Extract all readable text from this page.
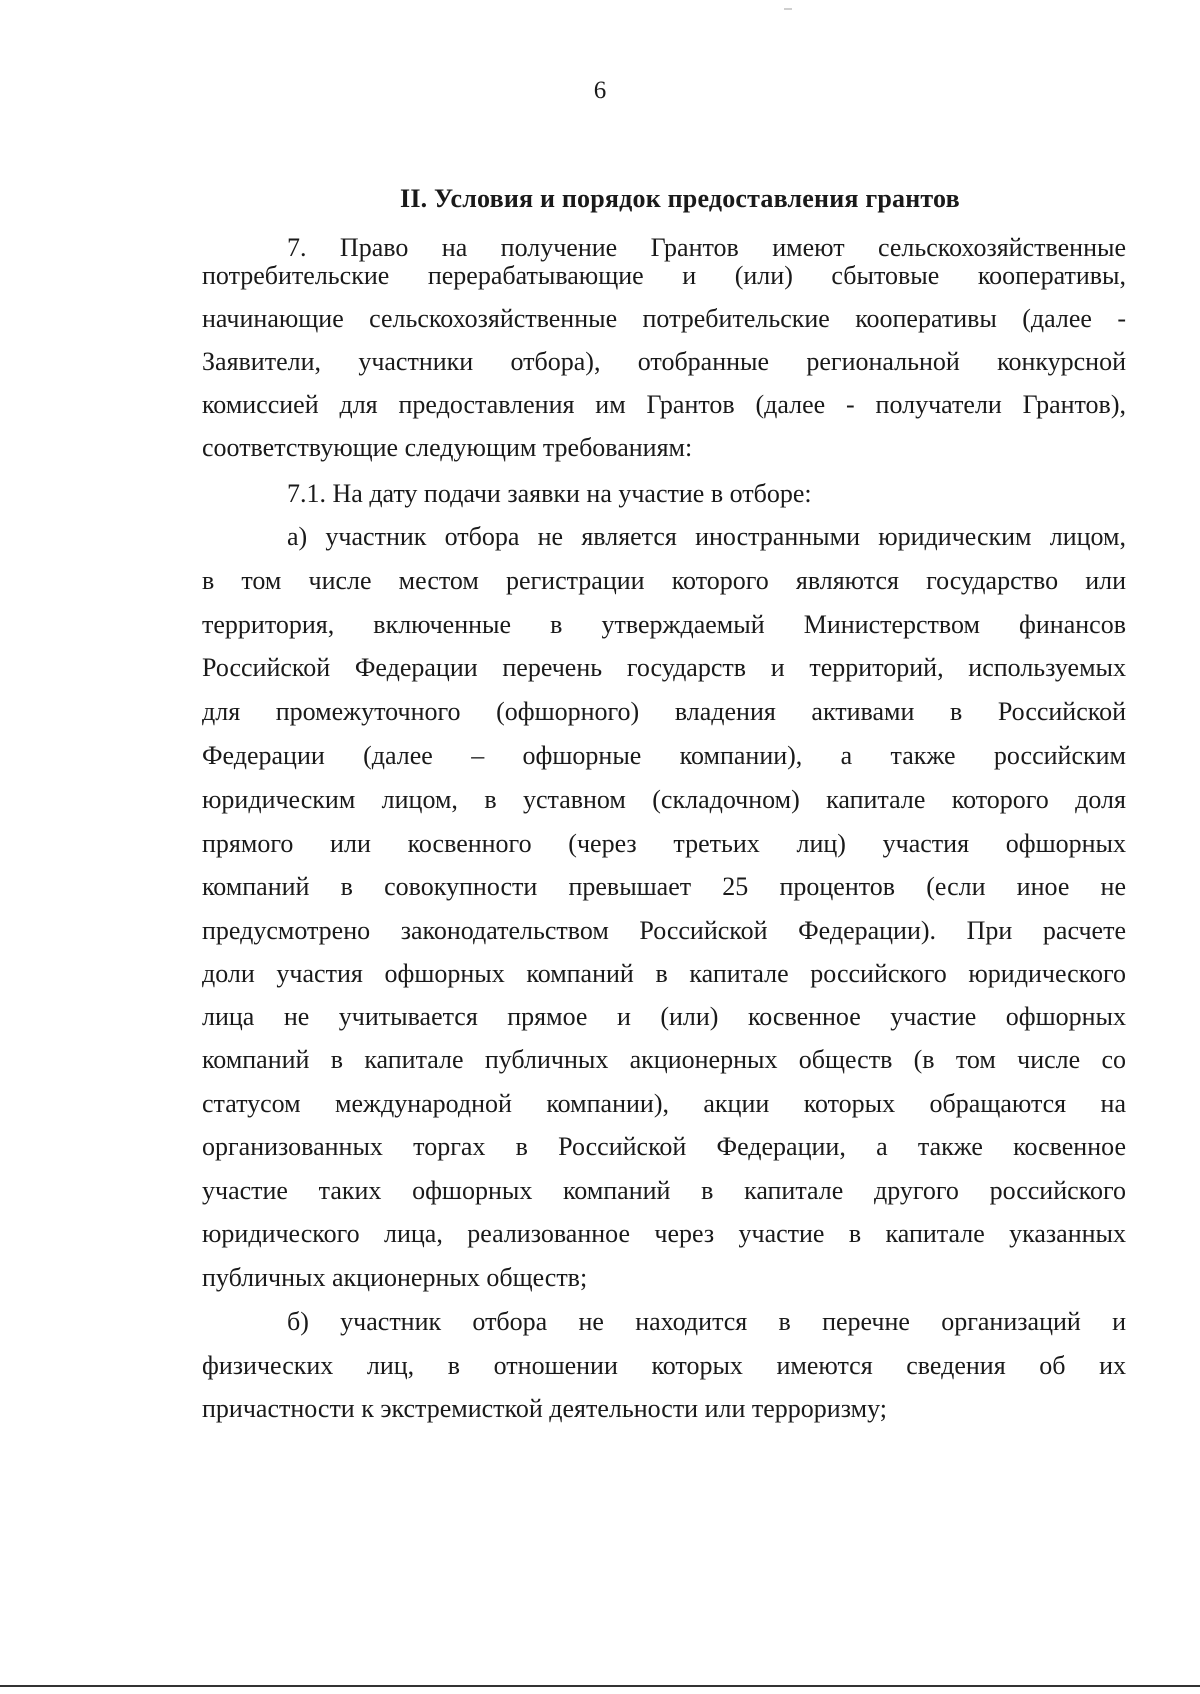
6
II. Условия и порядок предоставления грантов
7. Право на получение Грантов имеют сельскохозяйственные
потребительские перерабатывающие и (или) сбытовые кооперативы,
начинающие сельскохозяйственные потребительские кооперативы (далее -
Заявители, участники отбора), отобранные региональной конкурсной
комиссией для предоставления им Грантов (далее - получатели Грантов),
соответствующие следующим требованиям:
7.1. На дату подачи заявки на участие в отборе:
а) участник отбора не является иностранными юридическим лицом,
в том числе местом регистрации которого являются государство или
территория, включенные в утверждаемый Министерством финансов
Российской Федерации перечень государств и территорий, используемых
для промежуточного (офшорного) владения активами в Российской
Федерации (далее – офшорные компании), а также российским
юридическим лицом, в уставном (складочном) капитале которого доля
прямого или косвенного (через третьих лиц) участия офшорных
компаний в совокупности превышает 25 процентов (если иное не
предусмотрено законодательством Российской Федерации). При расчете
доли участия офшорных компаний в капитале российского юридического
лица не учитывается прямое и (или) косвенное участие офшорных
компаний в капитале публичных акционерных обществ (в том числе со
статусом международной компании), акции которых обращаются на
организованных торгах в Российской Федерации, а также косвенное
участие таких офшорных компаний в капитале другого российского
юридического лица, реализованное через участие в капитале указанных
публичных акционерных обществ;
б) участник отбора не находится в перечне организаций и
физических лиц, в отношении которых имеются сведения об их
причастности к экстремисткой деятельности или терроризму;
